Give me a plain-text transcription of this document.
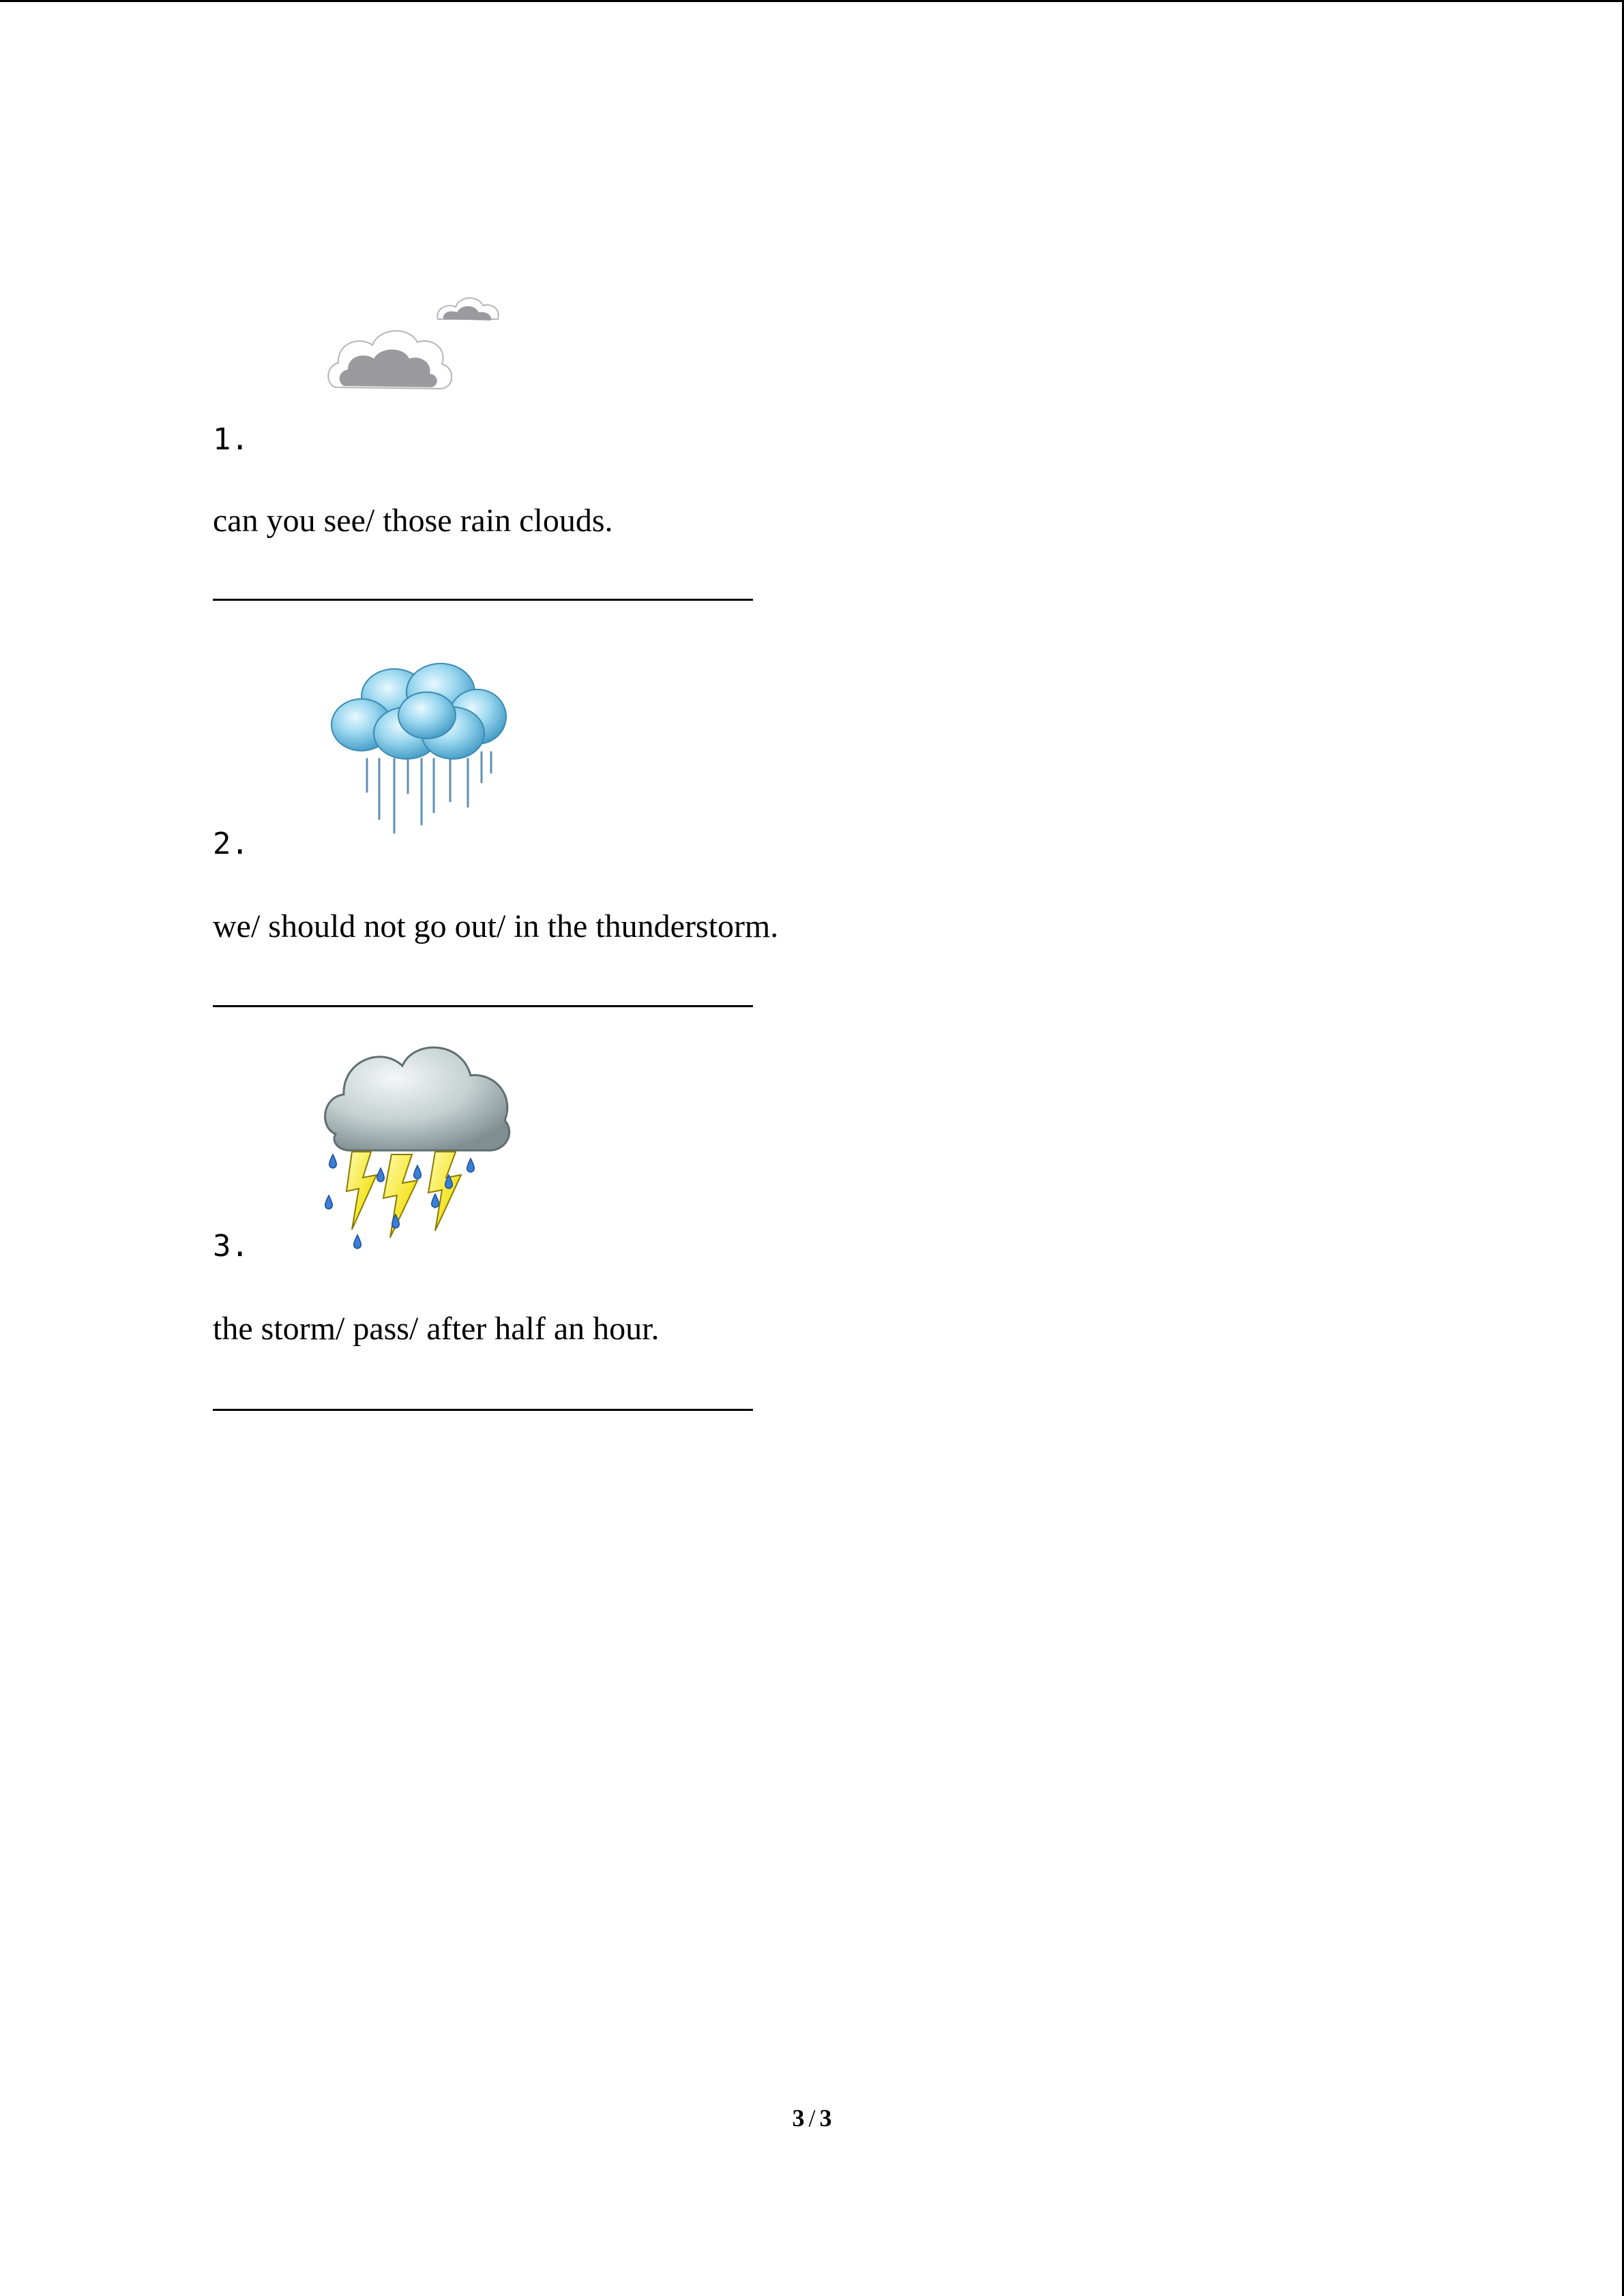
1.
can you see/ those rain clouds.
2.
we/ should not go out/ in the thunderstorm.
3.
the storm/ pass/ after half an hour.
3 / 3
